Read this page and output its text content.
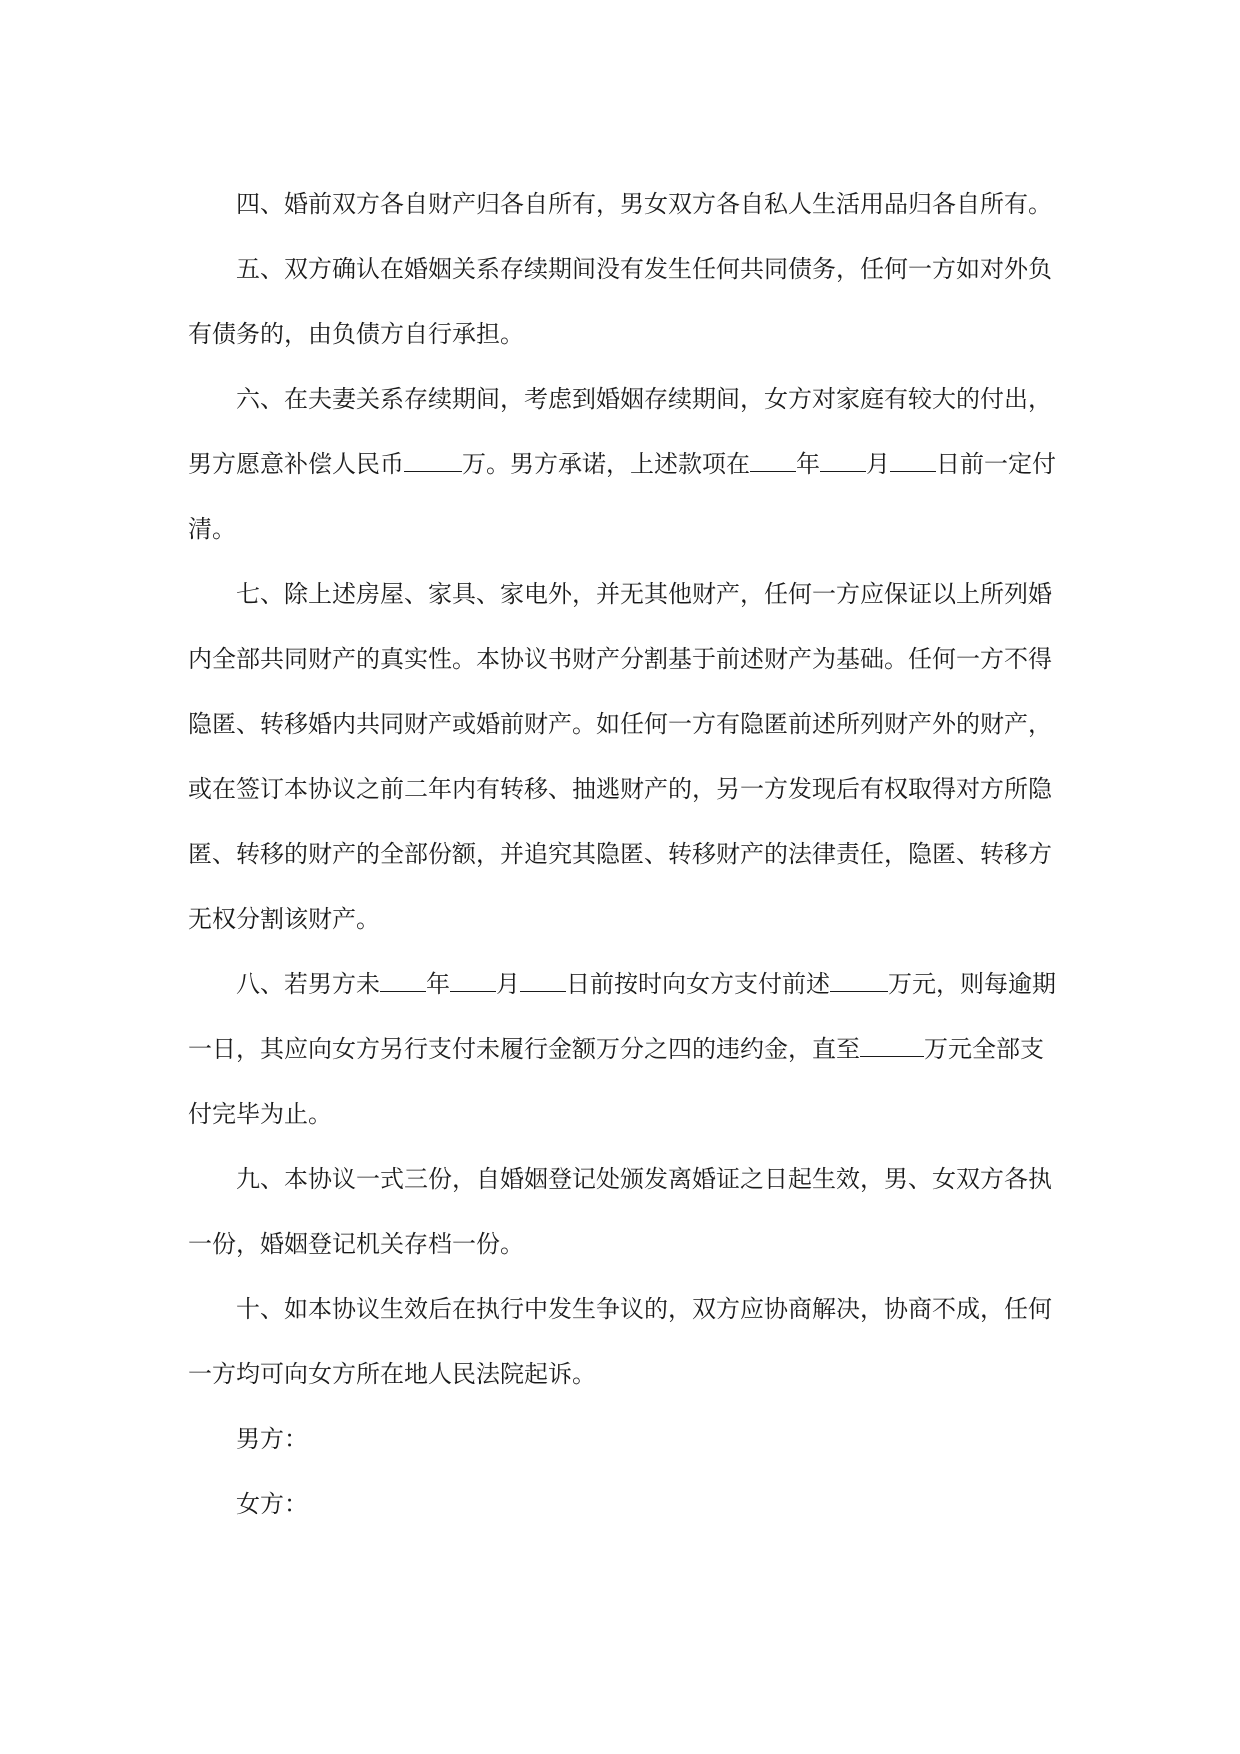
四、婚前双方各自财产归各自所有，男女双方各自私人生活用品归各自所有。

五、双方确认在婚姻关系存续期间没有发生任何共同债务，任何一方如对外负有债务的，由负债方自行承担。

六、在夫妻关系存续期间，考虑到婚姻存续期间，女方对家庭有较大的付出，男方愿意补偿人民币 万。男方承诺，上述款项在 年 月 日前一定付清。

七、除上述房屋、家具、家电外，并无其他财产，任何一方应保证以上所列婚内全部共同财产的真实性。本协议书财产分割基于前述财产为基础。任何一方不得隐匿、转移婚内共同财产或婚前财产。如任何一方有隐匿前述所列财产外的财产，或在签订本协议之前二年内有转移、抽逃财产的，另一方发现后有权取得对方所隐匿、转移的财产的全部份额，并追究其隐匿、转移财产的法律责任，隐匿、转移方无权分割该财产。

八、若男方未 年 月 日前按时向女方支付前述 万元，则每逾期一日，其应向女方另行支付未履行金额万分之四的违约金，直至	万元全部支付完毕为止。

九、本协议一式三份，自婚姻登记处颁发离婚证之日起生效，男、女双方各执一份，婚姻登记机关存档一份。

十、如本协议生效后在执行中发生争议的，双方应协商解决，协商不成，任何一方均可向女方所在地人民法院起诉。

男方：

女方：
